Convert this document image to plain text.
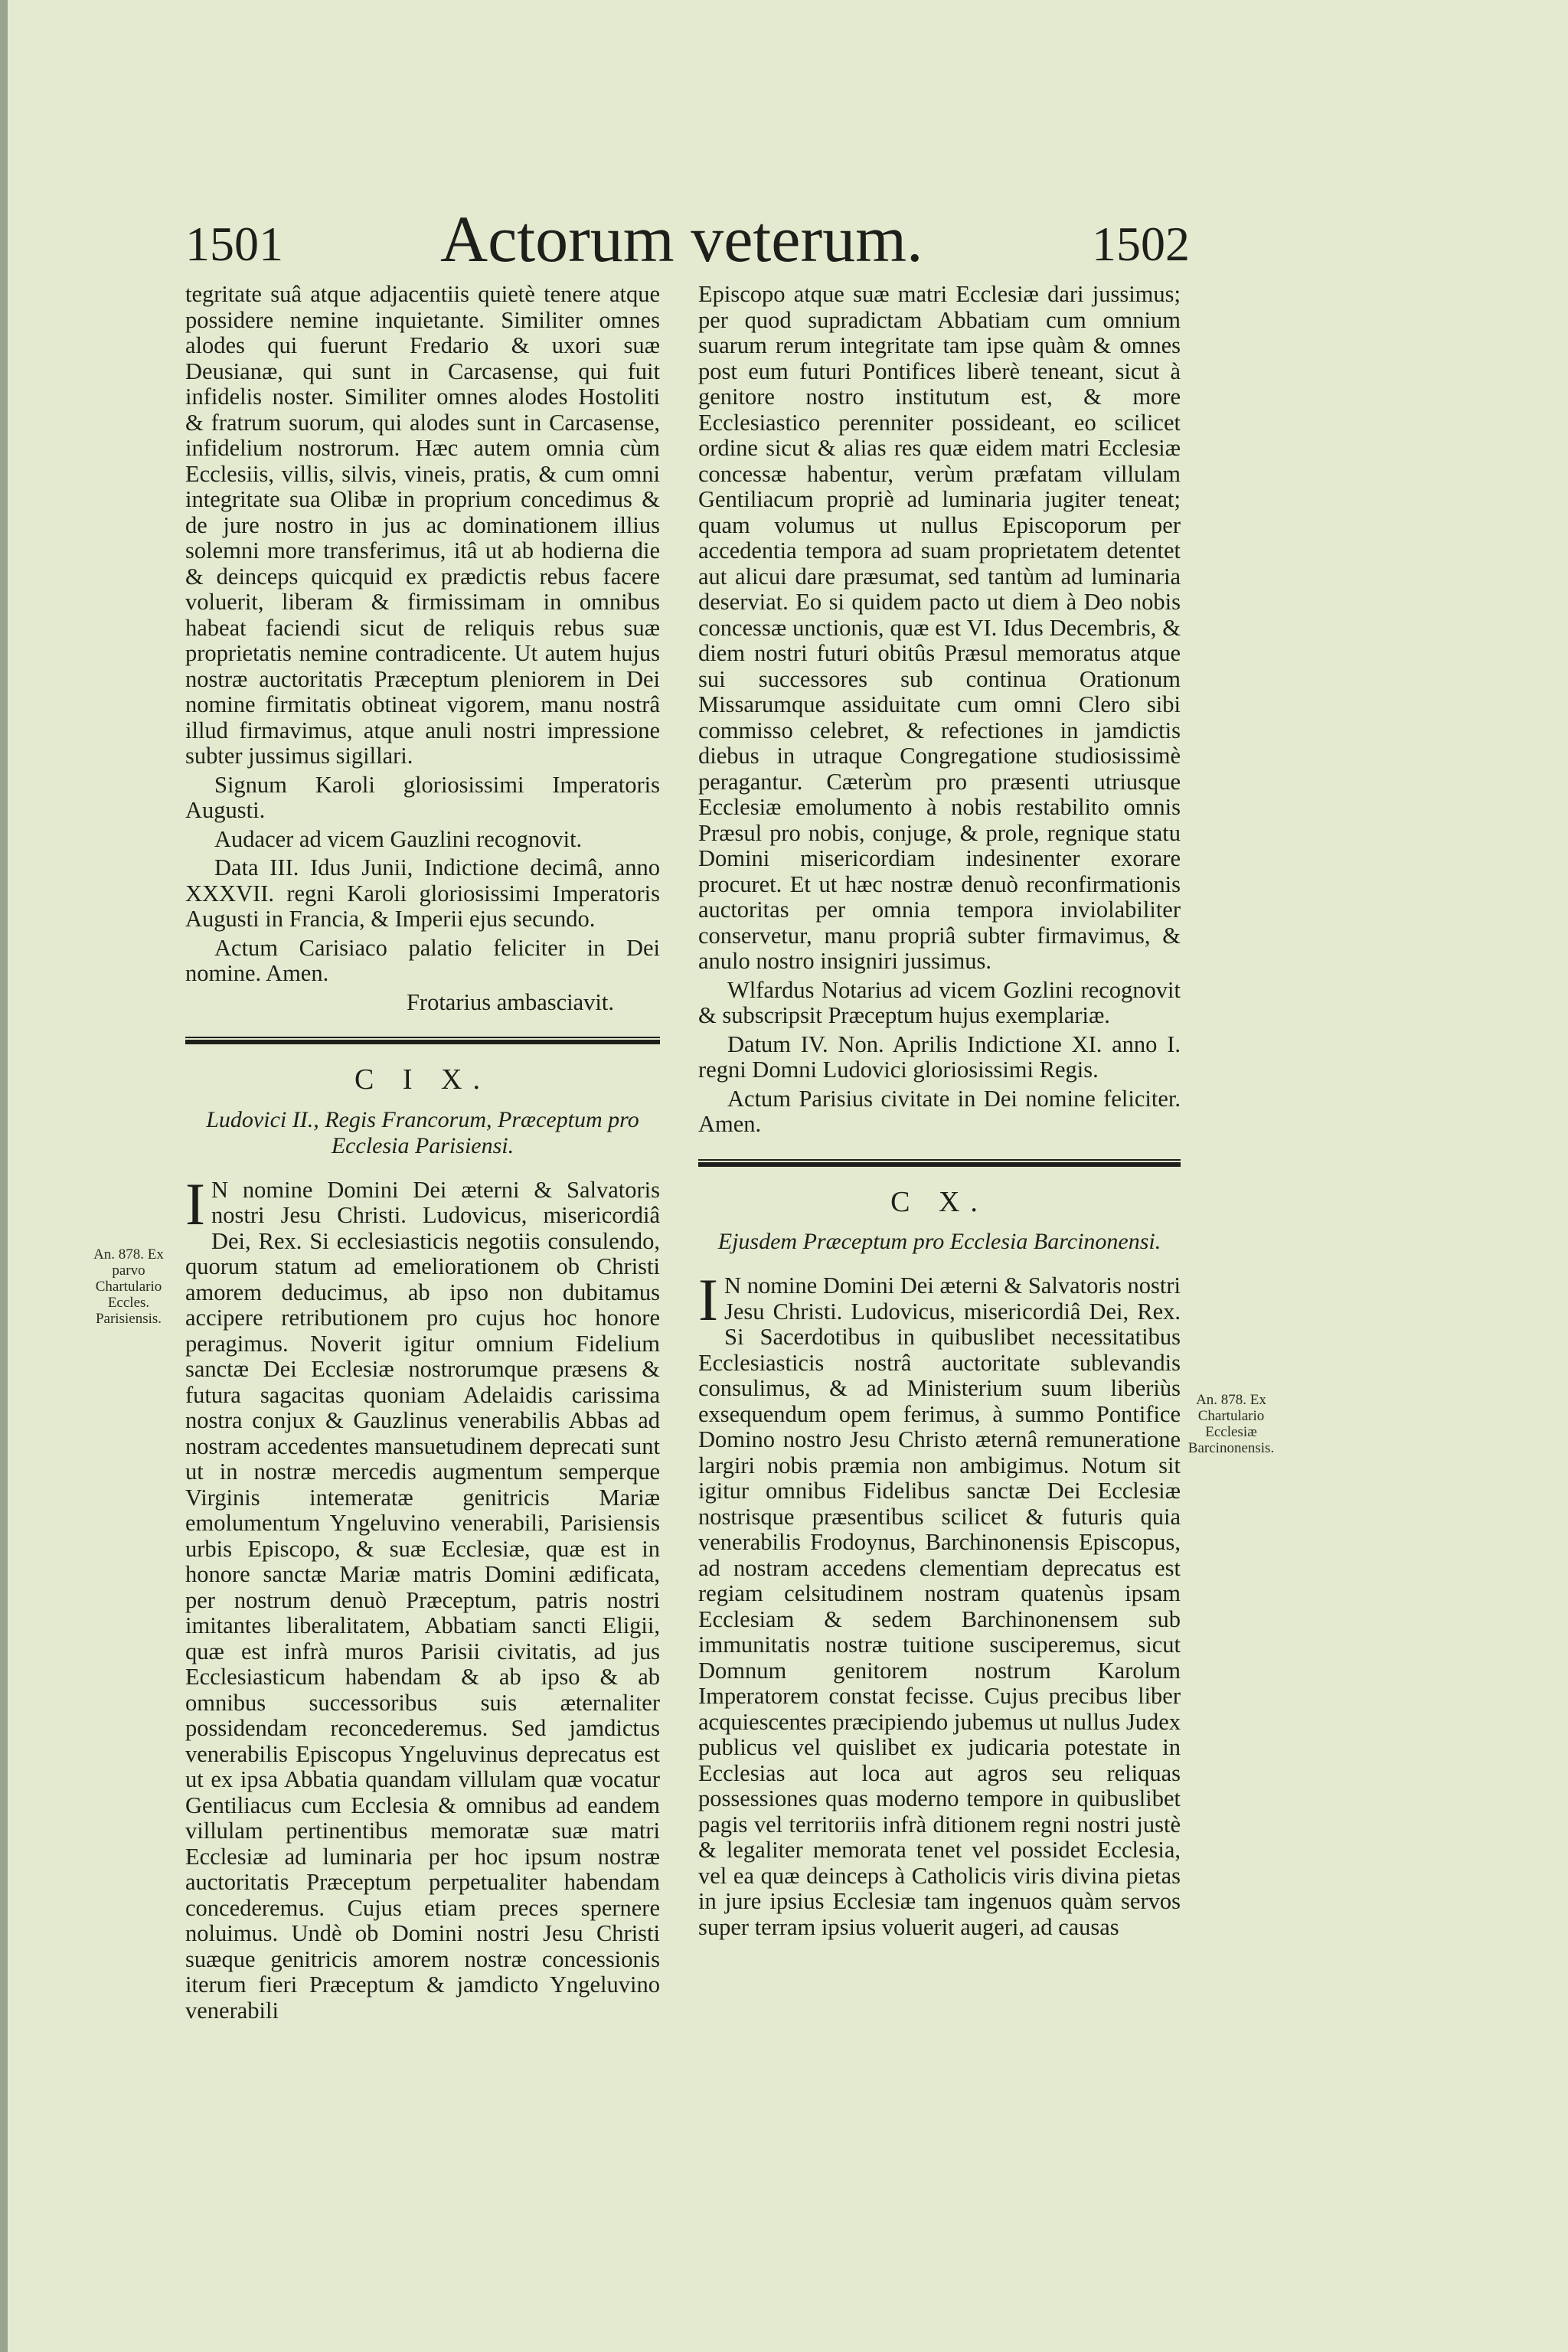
1501 Actorum veterum.	1502
An. 878. Ex parvo Chartulario Eccles. Parisiensis.
An. 878. Ex Chartulario Ecclesiæ Barcinonensis.

tegritate suâ atque adjacentiis quietè tenere atque possidere nemine inquietante. Similiter omnes alodes qui fuerunt Fredario & uxori suæ Deusianæ, qui sunt in Carcasense, qui fuit infidelis noster. Similiter omnes alodes Hostoliti & fratrum suorum, qui alodes sunt in Carcasense, infidelium nostrorum. Hæc autem omnia cùm Ecclesiis, villis, silvis, vineis, pratis, & cum omni integritate sua Olibæ in proprium concedimus & de jure nostro in jus ac dominationem illius solemni more transferimus, itâ ut ab hodierna die & deinceps quicquid ex prædictis rebus facere voluerit, liberam & firmissimam in omnibus habeat faciendi sicut de reliquis rebus suæ proprietatis nemine contradicente. Ut autem hujus nostræ auctoritatis Præceptum pleniorem in Dei nomine firmitatis obtineat vigorem, manu nostrâ illud firmavimus, atque anuli nostri impressione subter jussimus sigillari.

Signum Karoli gloriosissimi Imperatoris Augusti.

Audacer ad vicem Gauzlini recognovit.

Data III. Idus Junii, Indictione decimâ, anno XXXVII. regni Karoli gloriosissimi Imperatoris Augusti in Francia, & Imperii ejus secundo.

Actum Carisiaco palatio feliciter in Dei nomine. Amen.

Frotarius ambasciavit.

C I X.
Ludovici II., Regis Francorum, Præceptum pro Ecclesia Parisiensi.

I N nomine Domini Dei æterni & Salvatoris nostri Jesu Christi. Ludovicus, misericordiâ Dei, Rex. Si ecclesiasticis negotiis consulendo, quorum statum ad emeliorationem ob Christi amorem deducimus, ab ipso non dubitamus accipere retributionem pro cujus hoc honore peragimus. Noverit igitur omnium Fidelium sanctæ Dei Ecclesiæ nostrorumque præsens & futura sagacitas quoniam Adelaidis carissima nostra conjux & Gauzlinus venerabilis Abbas ad nostram accedentes mansuetudinem deprecati sunt ut in nostræ mercedis augmentum semperque Virginis intemeratæ genitricis Mariæ emolumentum Yngeluvino venerabili, Parisiensis urbis Episcopo, & suæ Ecclesiæ, quæ est in honore sanctæ Mariæ matris Domini ædificata, per nostrum denuò Præceptum, patris nostri imitantes liberalitatem, Abbatiam sancti Eligii, quæ est infrà muros Parisii civitatis, ad jus Ecclesiasticum habendam & ab ipso & ab omnibus successoribus suis æternaliter possidendam reconcederemus. Sed jamdictus venerabilis Episcopus Yngeluvinus deprecatus est ut ex ipsa Abbatia quandam villulam quæ vocatur Gentiliacus cum Ecclesia & omnibus ad eandem villulam pertinentibus memoratæ suæ matri Ecclesiæ ad luminaria per hoc ipsum nostræ auctoritatis Præceptum perpetualiter habendam concederemus. Cujus etiam preces spernere noluimus. Undè ob Domini nostri Jesu Christi suæque genitricis amorem nostræ concessionis iterum fieri Præceptum & jamdicto Yngeluvino venerabili

Episcopo atque suæ matri Ecclesiæ dari jussimus; per quod supradictam Abbatiam cum omnium suarum rerum integritate tam ipse quàm & omnes post eum futuri Pontifices liberè teneant, sicut à genitore nostro institutum est, & more Ecclesiastico perenniter possideant, eo scilicet ordine sicut & alias res quæ eidem matri Ecclesiæ concessæ habentur, verùm præfatam villulam Gentiliacum propriè ad luminaria jugiter teneat; quam volumus ut nullus Episcoporum per accedentia tempora ad suam proprietatem detentet aut alicui dare præsumat, sed tantùm ad luminaria deserviat. Eo si quidem pacto ut diem à Deo nobis concessæ unctionis, quæ est VI. Idus Decembris, & diem nostri futuri obitûs Præsul memoratus atque sui successores sub continua Orationum Missarumque assiduitate cum omni Clero sibi commisso celebret, & refectiones in jamdictis diebus in utraque Congregatione studiosissimè peragantur. Cæterùm pro præsenti utriusque Ecclesiæ emolumento à nobis restabilito omnis Præsul pro nobis, conjuge, & prole, regnique statu Domini misericordiam indesinenter exorare procuret. Et ut hæc nostræ denuò reconfirmationis auctoritas per omnia tempora inviolabiliter conservetur, manu propriâ subter firmavimus, & anulo nostro insigniri jussimus.

Wlfardus Notarius ad vicem Gozlini recognovit & subscripsit Præceptum hujus exemplariæ.

Datum IV. Non. Aprilis Indictione XI. anno I. regni Domni Ludovici gloriosissimi Regis.

Actum Parisius civitate in Dei nomine feliciter. Amen.

C X.
Ejusdem Præceptum pro Ecclesia Barcinonensi.

I N nomine Domini Dei æterni & Salvatoris nostri Jesu Christi. Ludovicus, misericordiâ Dei, Rex. Si Sacerdotibus in quibuslibet necessitatibus Ecclesiasticis nostrâ auctoritate sublevandis consulimus, & ad Ministerium suum liberiùs exsequendum opem ferimus, à summo Pontifice Domino nostro Jesu Christo æternâ remuneratione largiri nobis præmia non ambigimus. Notum sit igitur omnibus Fidelibus sanctæ Dei Ecclesiæ nostrisque præsentibus scilicet & futuris quia venerabilis Frodoynus, Barchinonensis Episcopus, ad nostram accedens clementiam deprecatus est regiam celsitudinem nostram quatenùs ipsam Ecclesiam & sedem Barchinonensem sub immunitatis nostræ tuitione susciperemus, sicut Domnum genitorem nostrum Karolum Imperatorem constat fecisse. Cujus precibus liber acquiescentes præcipiendo jubemus ut nullus Judex publicus vel quislibet ex judicaria potestate in Ecclesias aut loca aut agros seu reliquas possessiones quas moderno tempore in quibuslibet pagis vel territoriis infrà ditionem regni nostri justè & legaliter memorata tenet vel possidet Ecclesia, vel ea quæ deinceps à Catholicis viris divina pietas in jure ipsius Ecclesiæ tam ingenuos quàm servos super terram ipsius voluerit augeri, ad causas
